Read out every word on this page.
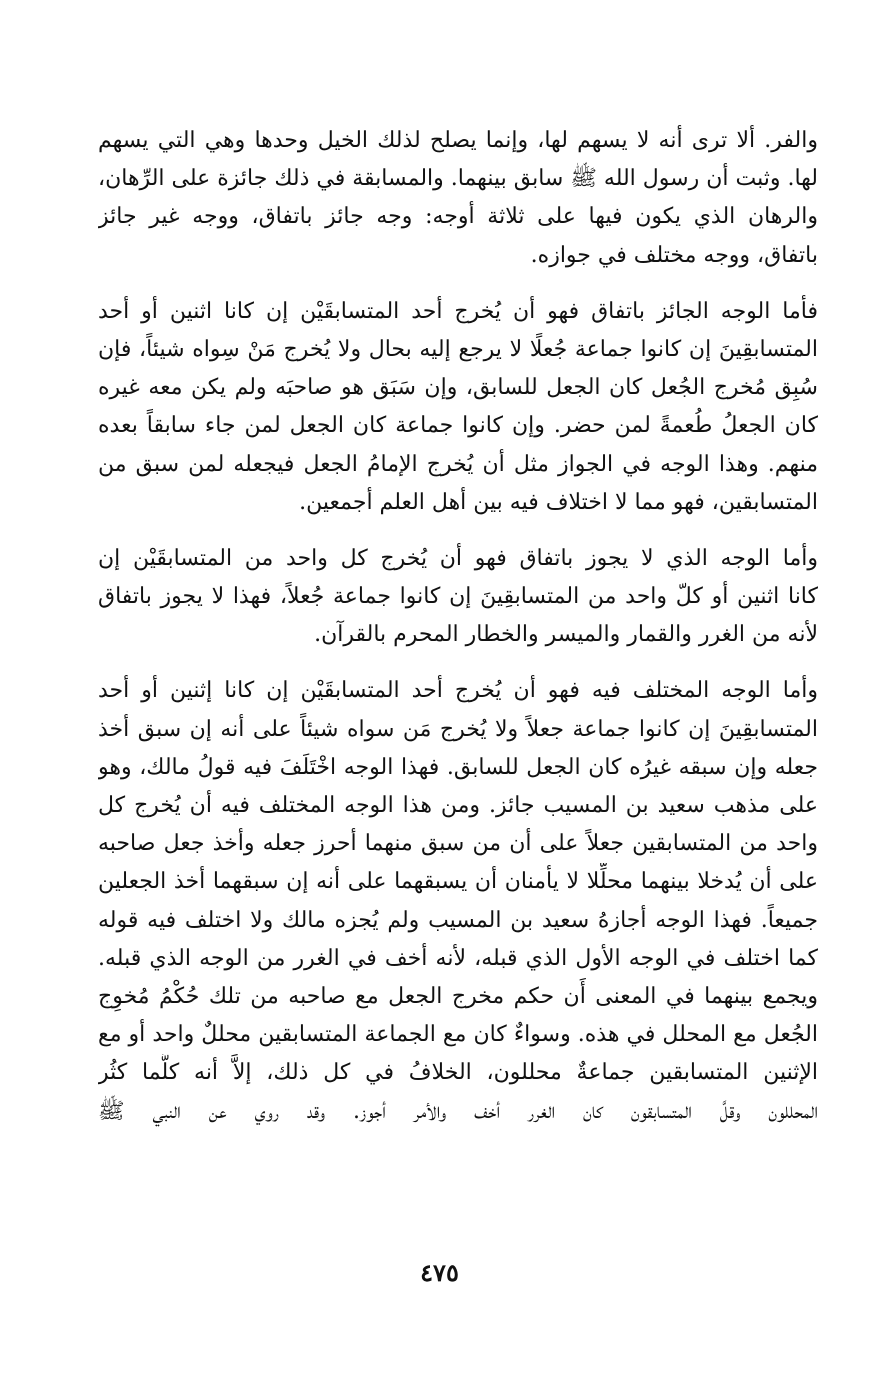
والفر. ألا ترى أنه لا يسهم لها، وإنما يصلح لذلك الخيل وحدها وهي التي يسهم
لها. وثبت أن رسول الله ﷺ سابق بينهما. والمسابقة في ذلك جائزة على الرِّهان،
والرهان الذي يكون فيها على ثلاثة أوجه: وجه جائز باتفاق، ووجه غير جائز
باتفاق، ووجه مختلف في جوازه.
فأما الوجه الجائز باتفاق فهو أن يُخرج أحد المتسابقَيْن إن كانا اثنين أو أحد
المتسابقِينَ إن كانوا جماعة جُعلًا لا يرجع إليه بحال ولا يُخرج مَنْ سِواه شيئاً، فإن
سُبِق مُخرج الجُعل كان الجعل للسابق، وإن سَبَق هو صاحبَه ولم يكن معه غيره
كان الجعلُ طُعمةً لمن حضر. وإن كانوا جماعة كان الجعل لمن جاء سابقاً بعده
منهم. وهذا الوجه في الجواز مثل أن يُخرج الإمامُ الجعل فيجعله لمن سبق من
المتسابقين، فهو مما لا اختلاف فيه بين أهل العلم أجمعين.
وأما الوجه الذي لا يجوز باتفاق فهو أن يُخرج كل واحد من المتسابقَيْن إن
كانا اثنين أو كلّ واحد من المتسابقِينَ إن كانوا جماعة جُعلاً، فهذا لا يجوز باتفاق
لأنه من الغرر والقمار والميسر والخطار المحرم بالقرآن.
وأما الوجه المختلف فيه فهو أن يُخرج أحد المتسابقَيْن إن كانا إثنين أو أحد
المتسابقِينَ إن كانوا جماعة جعلاً ولا يُخرج مَن سواه شيئاً على أنه إن سبق أخذ
جعله وإن سبقه غيرُه كان الجعل للسابق. فهذا الوجه اخْتَلَفَ فيه قولُ مالك، وهو
على مذهب سعيد بن المسيب جائز. ومن هذا الوجه المختلف فيه أن يُخرج كل
واحد من المتسابقين جعلاً على أن من سبق منهما أحرز جعله وأخذ جعل صاحبه
على أن يُدخلا بينهما محلِّلا لا يأمنان أن يسبقهما على أنه إن سبقهما أخذ الجعلين
جميعاً. فهذا الوجه أجازهُ سعيد بن المسيب ولم يُجزه مالك ولا اختلف فيه قوله
كما اختلف في الوجه الأول الذي قبله، لأنه أخف في الغرر من الوجه الذي قبله.
ويجمع بينهما في المعنى أَن حكم مخرج الجعل مع صاحبه من تلك حُكْمُ مُخوِج
الجُعل مع المحلل في هذه. وسواءٌ كان مع الجماعة المتسابقين محللٌ واحد أو مع
الإثنين المتسابقين جماعةٌ محللون، الخلافُ في كل ذلك، إلاَّ أنه كلَّما كثُر
المحللون وقلَّ المتسابقون كان الغرر أخف والأمر أجوز. وقد روي عن النبي ﷺ
٤٧٥
